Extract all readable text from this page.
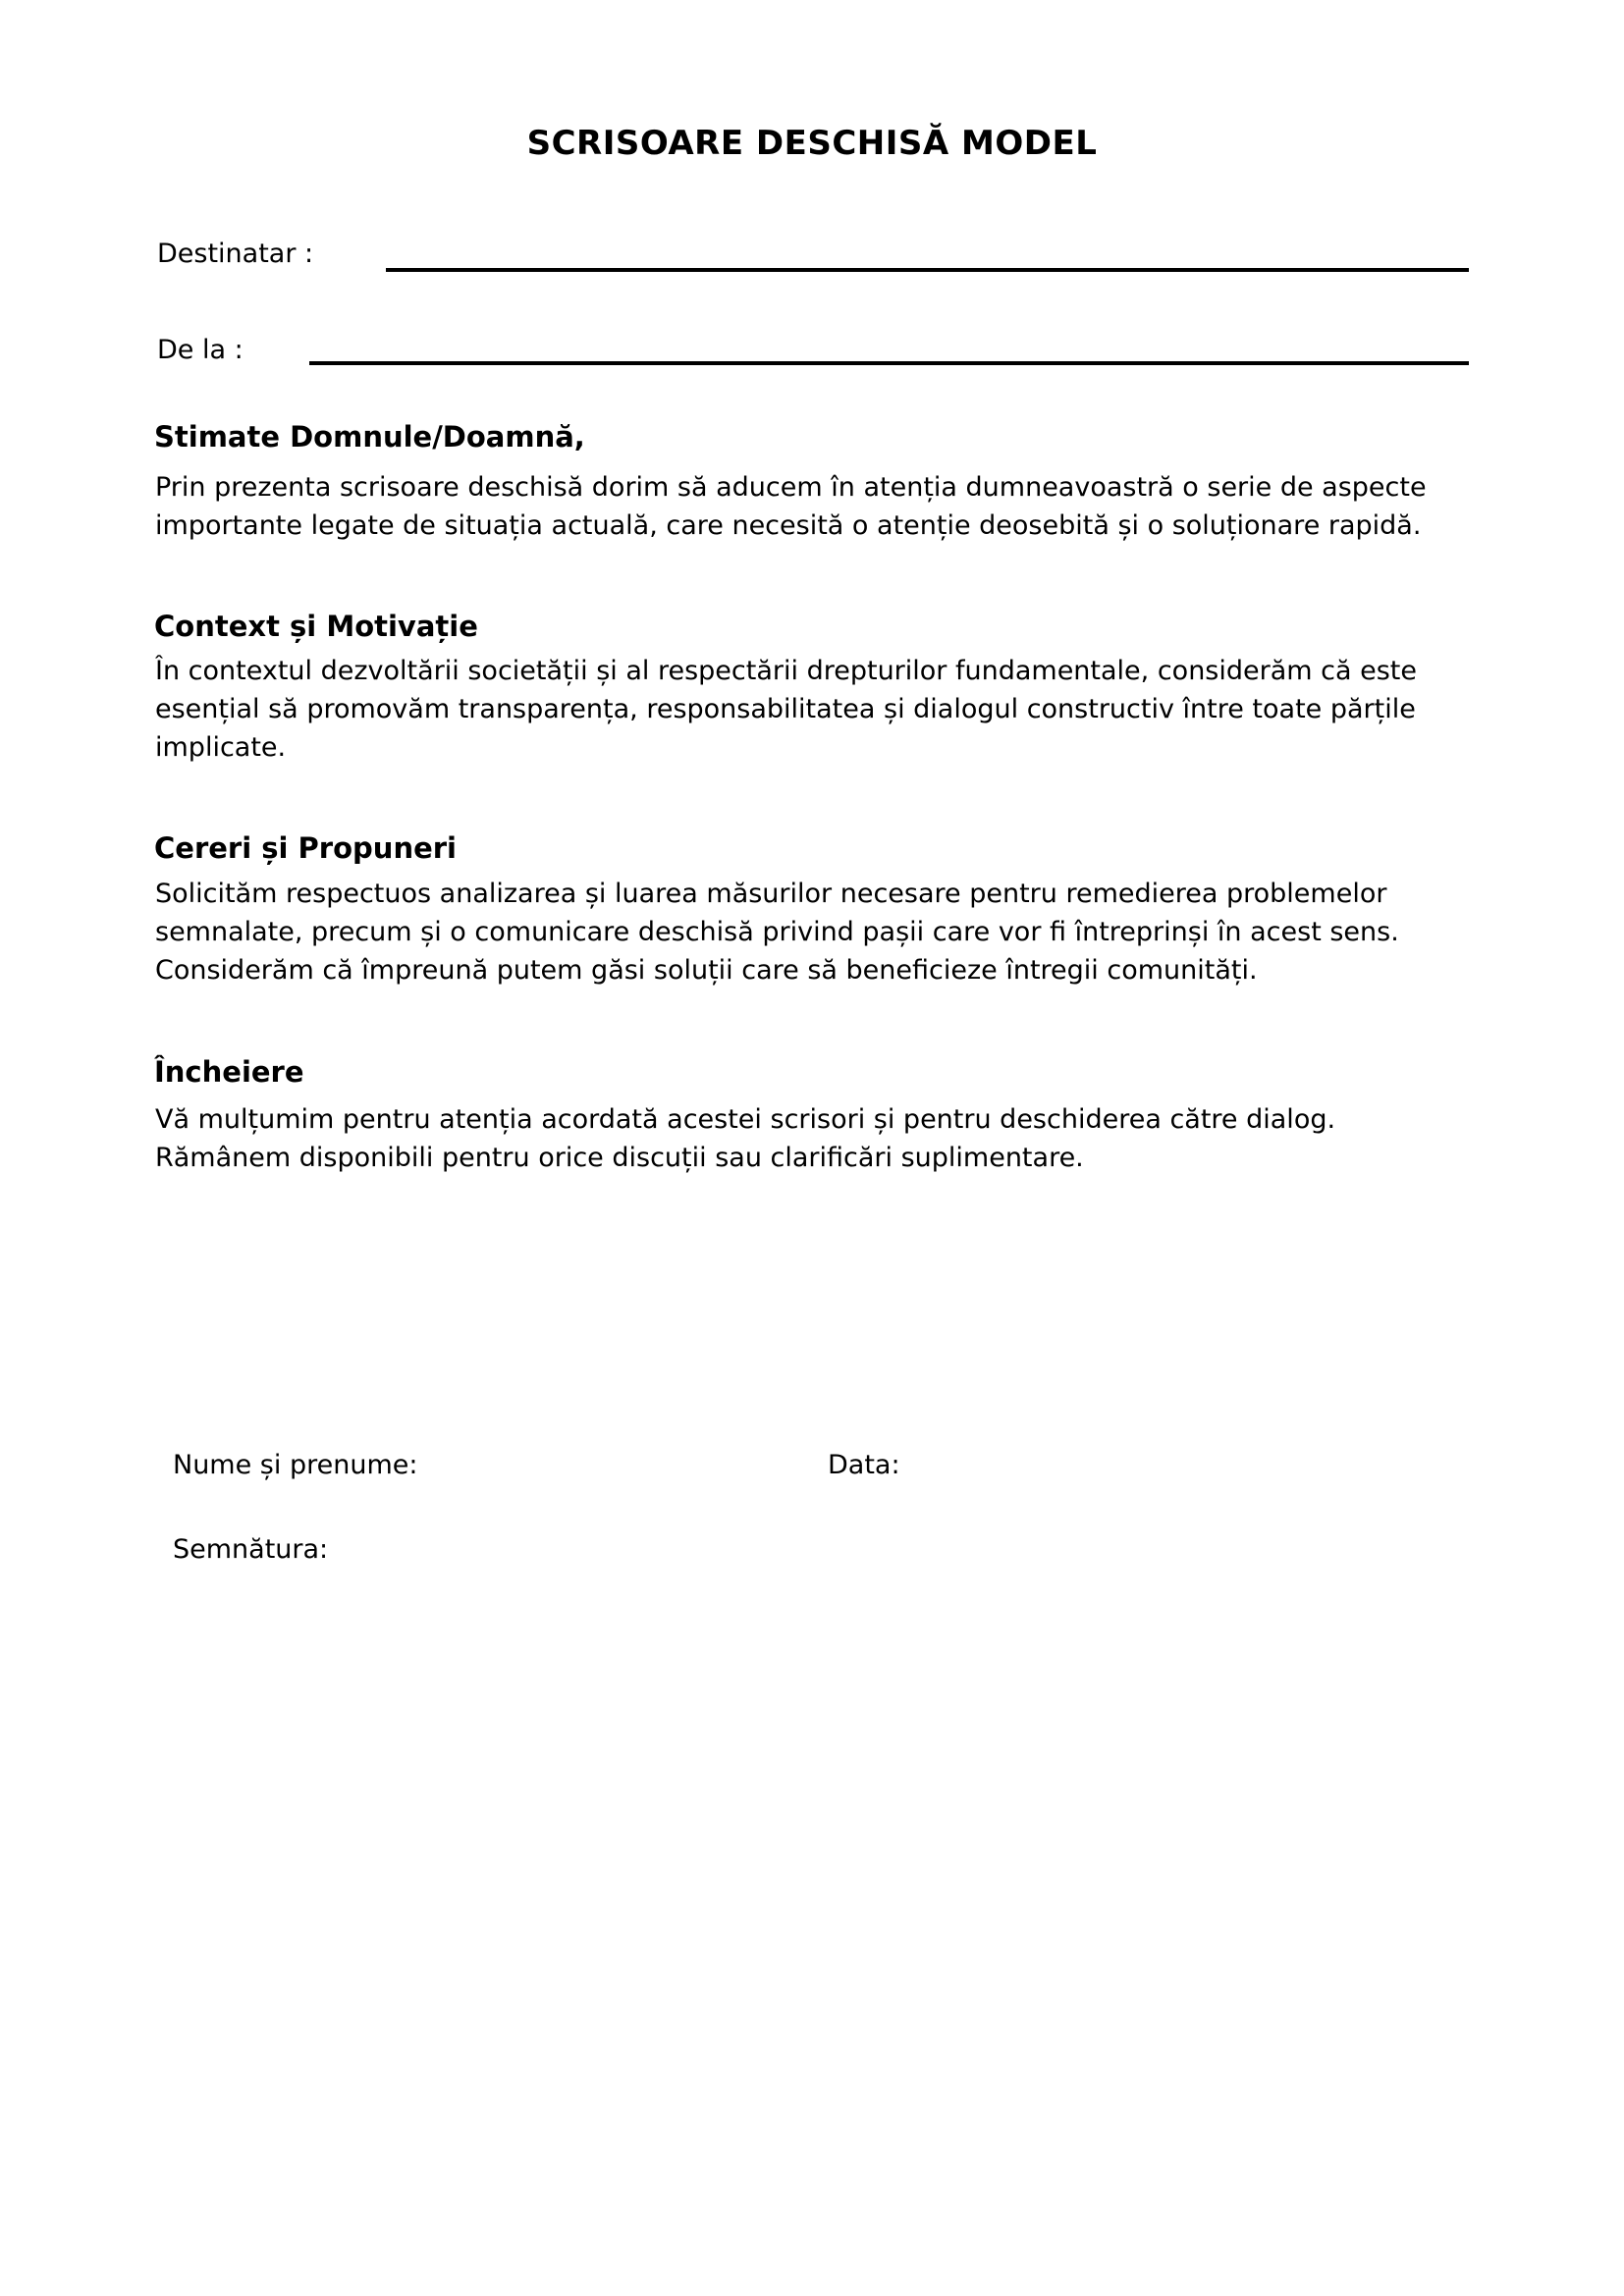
SCRISOARE DESCHISĂ MODEL
Destinatar :
De la :
Stimate Domnule/Doamnă,
Prin prezenta scrisoare deschisă dorim să aducem în atenția dumneavoastră o serie de aspecte
importante legate de situația actuală, care necesită o atenție deosebită și o soluționare rapidă.
Context și Motivație
În contextul dezvoltării societății și al respectării drepturilor fundamentale, considerăm că este
esențial să promovăm transparența, responsabilitatea și dialogul constructiv între toate părțile
implicate.
Cereri și Propuneri
Solicităm respectuos analizarea și luarea măsurilor necesare pentru remedierea problemelor
semnalate, precum și o comunicare deschisă privind pașii care vor fi întreprinși în acest sens.
Considerăm că împreună putem găsi soluții care să beneficieze întregii comunități.
Încheiere
Vă mulțumim pentru atenția acordată acestei scrisori și pentru deschiderea către dialog.
Rămânem disponibili pentru orice discuții sau clarificări suplimentare.
Nume și prenume:	Data:
Semnătura:
